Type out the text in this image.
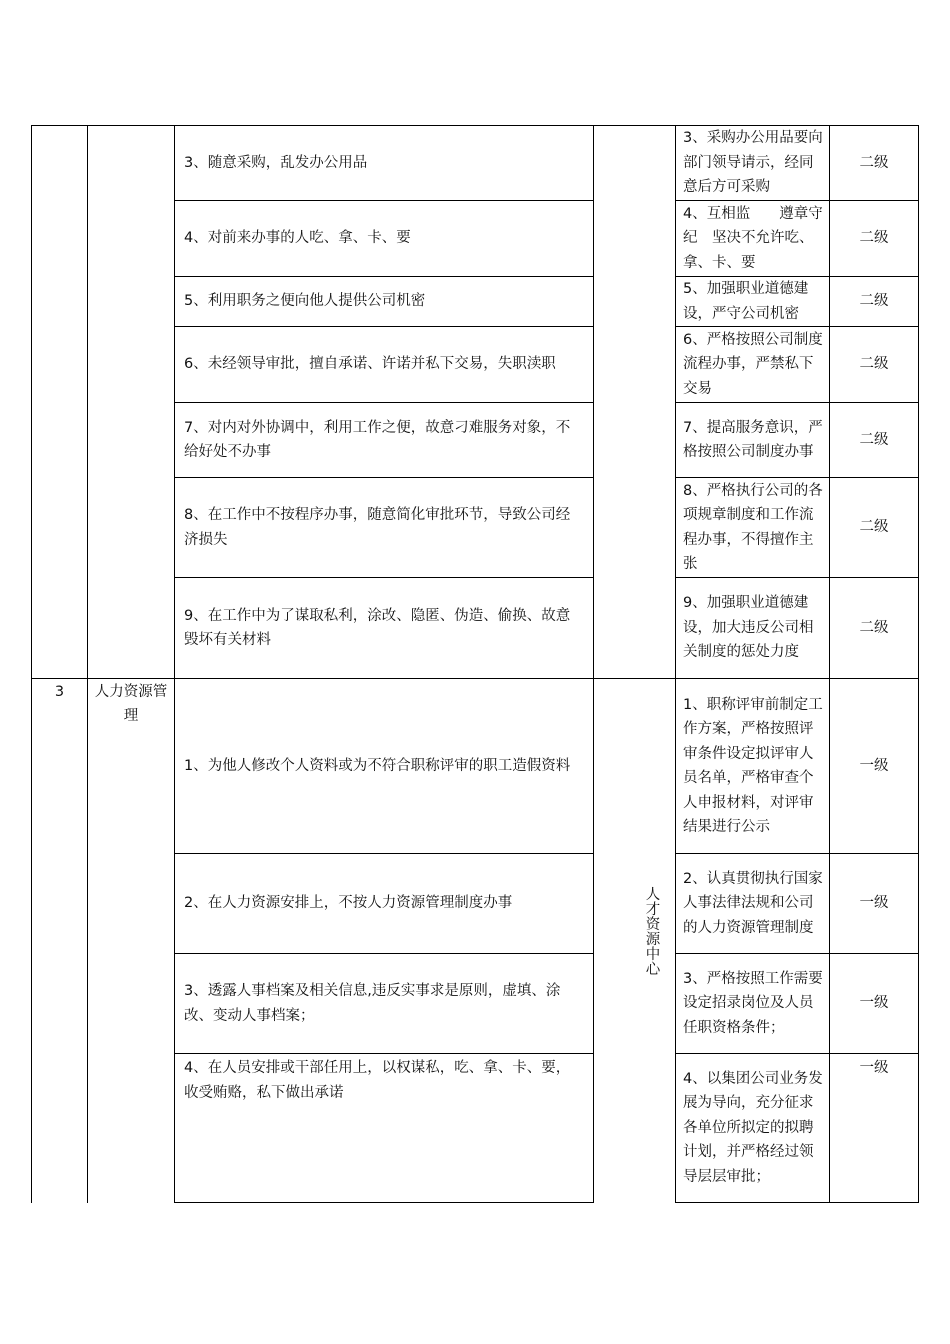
3、随意采购，乱发办公用品
3、采购办公用品要向部门领导请示，经同意后方可采购
二级
4、对前来办事的人吃、拿、卡、要
4、互相监　　遵章守纪　坚决不允许吃、拿、卡、要
二级
5、利用职务之便向他人提供公司机密
5、加强职业道德建设，严守公司机密
二级
6、未经领导审批，擅自承诺、许诺并私下交易，失职渎职
6、严格按照公司制度流程办事，严禁私下交易
二级
7、对内对外协调中，利用工作之便，故意刁难服务对象，不给好处不办事
7、提高服务意识，严格按照公司制度办事
二级
8、在工作中不按程序办事，随意简化审批环节，导致公司经济损失
8、严格执行公司的各项规章制度和工作流程办事，不得擅作主张
二级
9、在工作中为了谋取私利，涂改、隐匿、伪造、偷换、故意毁坏有关材料
9、加强职业道德建设，加大违反公司相关制度的惩处力度
二级
3	人力资源管理
人才资源中心
1、为他人修改个人资料或为不符合职称评审的职工造假资料
1、职称评审前制定工作方案，严格按照评审条件设定拟评审人员名单，严格审查个人申报材料，对评审结果进行公示
一级
2、在人力资源安排上，不按人力资源管理制度办事
2、认真贯彻执行国家人事法律法规和公司的人力资源管理制度
一级
3、透露人事档案及相关信息,违反实事求是原则，虚填、涂改、变动人事档案；
3、严格按照工作需要设定招录岗位及人员任职资格条件；
一级
4、在人员安排或干部任用上，以权谋私，吃、拿、卡、要，收受贿赂，私下做出承诺
4、以集团公司业务发展为导向，充分征求各单位所拟定的拟聘计划，并严格经过领导层层审批；
一级
